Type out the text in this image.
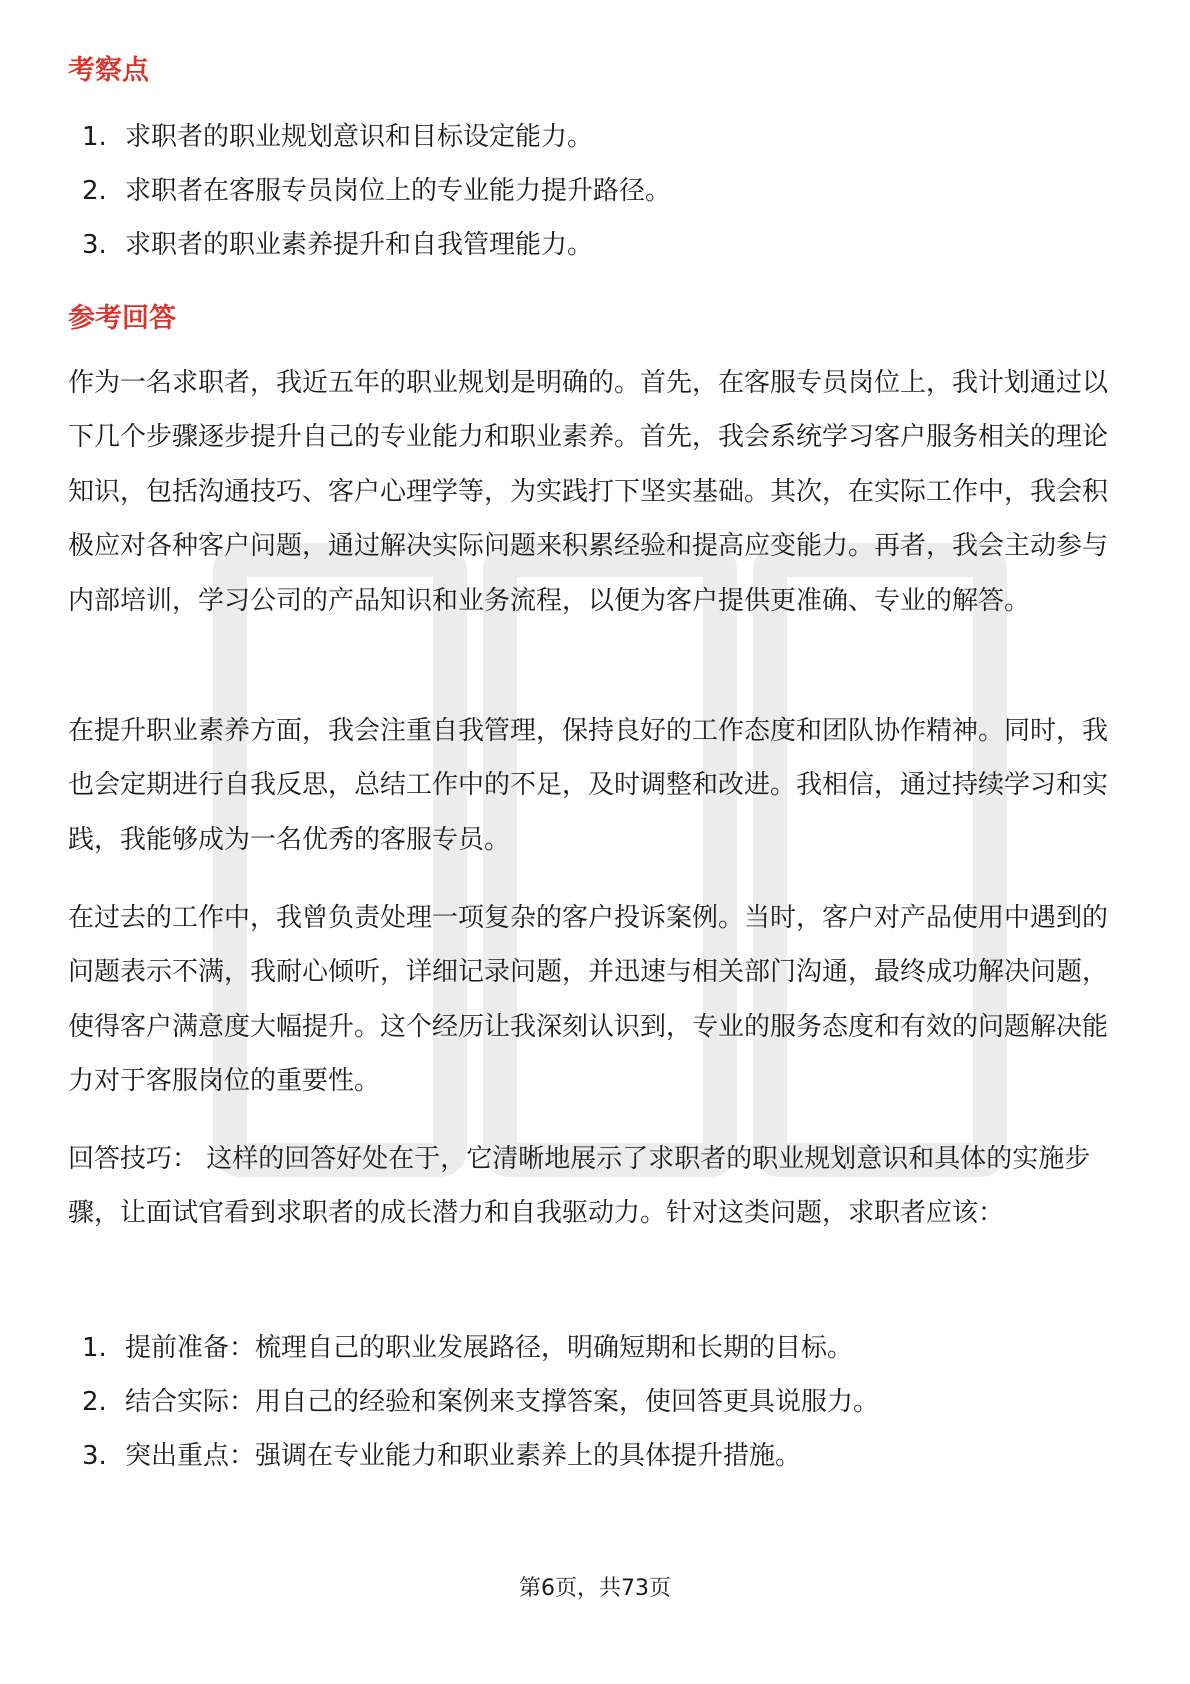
考察点
1. 求职者的职业规划意识和目标设定能力。
2. 求职者在客服专员岗位上的专业能力提升路径。
3. 求职者的职业素养提升和自我管理能力。
参考回答

作为一名求职者，我近五年的职业规划是明确的。首先，在客服专员岗位上，我计划通过以下几个步骤逐步提升自己的专业能力和职业素养。首先，我会系统学习客户服务相关的理论知识，包括沟通技巧、客户心理学等，为实践打下坚实基础。其次，在实际工作中，我会积极应对各种客户问题，通过解决实际问题来积累经验和提高应变能力。再者，我会主动参与内部培训，学习公司的产品知识和业务流程，以便为客户提供更准确、专业的解答。

在提升职业素养方面，我会注重自我管理，保持良好的工作态度和团队协作精神。同时，我也会定期进行自我反思，总结工作中的不足，及时调整和改进。我相信，通过持续学习和实践，我能够成为一名优秀的客服专员。

在过去的工作中，我曾负责处理一项复杂的客户投诉案例。当时，客户对产品使用中遇到的问题表示不满，我耐心倾听，详细记录问题，并迅速与相关部门沟通，最终成功解决问题，使得客户满意度大幅提升。这个经历让我深刻认识到，专业的服务态度和有效的问题解决能力对于客服岗位的重要性。

回答技巧： 这样的回答好处在于，它清晰地展示了求职者的职业规划意识和具体的实施步骤，让面试官看到求职者的成长潜力和自我驱动力。针对这类问题，求职者应该：

1. 提前准备：梳理自己的职业发展路径，明确短期和长期的目标。
2. 结合实际：用自己的经验和案例来支撑答案，使回答更具说服力。
3. 突出重点：强调在专业能力和职业素养上的具体提升措施。
第6页，共73页
